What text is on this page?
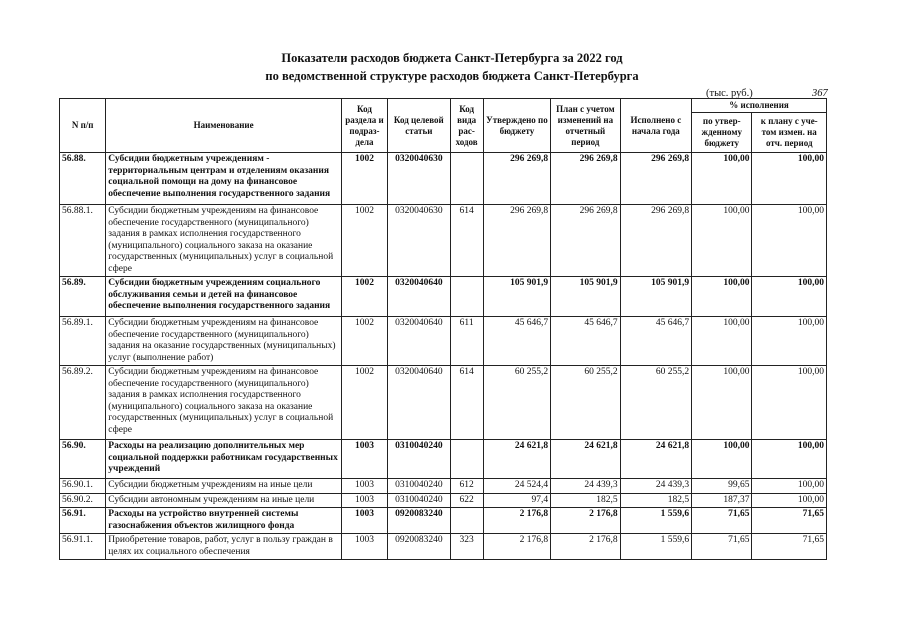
Показатели расходов бюджета Санкт-Петербурга за 2022 год
по ведомственной структуре расходов бюджета Санкт-Петербурга
(тыс. руб.)	367
N п/п	Наименование	Код раздела и подраз-дела	Код целевой статьи	Код вида рас-ходов	Утверждено по бюджету	План с учетом изменений на отчетный период	Исполнено с начала года	% исполнения	
								по утвер-жденному бюджету	к плану с уче-том измен. на отч. период
56.88.	Субсидии бюджетным учреждениям - территориальным центрам и отделениям оказания социальной помощи на дому на финансовое обеспечение выполнения государственного задания	1002	0320040630		296 269,8	296 269,8	296 269,8	100,00	100,00
56.88.1.	Субсидии бюджетным учреждениям на финансовое обеспечение государственного (муниципального) задания в рамках исполнения государственного (муниципального) социального заказа на оказание государственных (муниципальных) услуг в социальной сфере	1002	0320040630	614	296 269,8	296 269,8	296 269,8	100,00	100,00
56.89.	Субсидии бюджетным учреждениям социального обслуживания семьи и детей на финансовое обеспечение выполнения государственного задания	1002	0320040640		105 901,9	105 901,9	105 901,9	100,00	100,00
56.89.1.	Субсидии бюджетным учреждениям на финансовое обеспечение государственного (муниципального) задания на оказание государственных (муниципальных) услуг (выполнение работ)	1002	0320040640	611	45 646,7	45 646,7	45 646,7	100,00	100,00
56.89.2.	Субсидии бюджетным учреждениям на финансовое обеспечение государственного (муниципального) задания в рамках исполнения государственного (муниципального) социального заказа на оказание государственных (муниципальных) услуг в социальной сфере	1002	0320040640	614	60 255,2	60 255,2	60 255,2	100,00	100,00
56.90.	Расходы на реализацию дополнительных мер социальной поддержки работникам государственных учреждений	1003	0310040240		24 621,8	24 621,8	24 621,8	100,00	100,00
56.90.1.	Субсидии бюджетным учреждениям на иные цели	1003	0310040240	612	24 524,4	24 439,3	24 439,3	99,65	100,00
56.90.2.	Субсидии автономным учреждениям на иные цели	1003	0310040240	622	97,4	182,5	182,5	187,37	100,00
56.91.	Расходы на устройство внутренней системы газоснабжения объектов жилищного фонда	1003	0920083240		2 176,8	2 176,8	1 559,6	71,65	71,65
56.91.1.	Приобретение товаров, работ, услуг в пользу граждан в целях их социального обеспечения	1003	0920083240	323	2 176,8	2 176,8	1 559,6	71,65	71,65
